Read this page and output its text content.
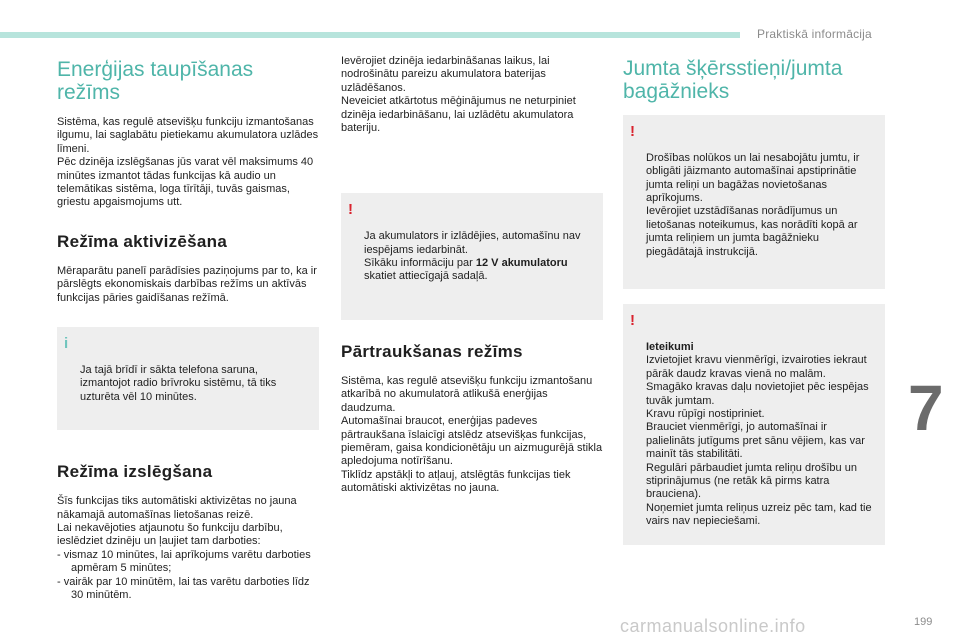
Praktiskā informācija
Enerģijas taupīšanas režīms

Sistēma, kas regulē atsevišķu funkciju izmantošanas ilgumu, lai saglabātu pietiekamu akumulatora uzlādes līmeni.
Pēc dzinēja izslēgšanas jūs varat vēl maksimums 40 minūtes izmantot tādas funkcijas kā audio un telemātikas sistēma, loga tīrītāji, tuvās gaismas, griestu apgaismojums utt.

Režīma aktivizēšana

Mēraparātu panelī parādīsies paziņojums par to, ka ir pārslēgts ekonomiskais darbības režīms un aktīvās funkcijas pāries gaidīšanas režīmā.

i

Ja tajā brīdī ir sākta telefona saruna, izmantojot radio brīvroku sistēmu, tā tiks uzturēta vēl 10 minūtes.

Režīma izslēgšana

Šīs funkcijas tiks automātiski aktivizētas no jauna nākamajā automašīnas lietošanas reizē.
Lai nekavējoties atjaunotu šo funkciju darbību, ieslēdziet dzinēju un ļaujiet tam darboties:

- vismaz 10 minūtes, lai aprīkojums varētu darboties apmēram 5 minūtes;

- vairāk par 10 minūtēm, lai tas varētu darboties līdz 30 minūtēm.

Ievērojiet dzinēja iedarbināšanas laikus, lai nodrošinātu pareizu akumulatora baterijas uzlādēšanos.
Neveiciet atkārtotus mēģinājumus ne neturpiniet dzinēja iedarbināšanu, lai uzlādētu akumulatora bateriju.

!

Ja akumulators ir izlādējies, automašīnu nav iespējams iedarbināt.
Sīkāku informāciju par 12 V akumulatoru
skatiet attiecīgajā sadaļā.

Pārtraukšanas režīms

Sistēma, kas regulē atsevišķu funkciju izmantošanu atkarībā no akumulatorā atlikušā enerģijas daudzuma.
Automašīnai braucot, enerģijas padeves pārtraukšana īslaicīgi atslēdz atsevišķas funkcijas, piemēram, gaisa kondicionētāju un aizmugurējā stikla apledojuma notīrīšanu.
Tiklīdz apstākļi to atļauj, atslēgtās funkcijas tiek automātiski aktivizētas no jauna.

Jumta šķērsstieņi/jumta bagāžnieks

!

Drošības nolūkos un lai nesabojātu jumtu, ir obligāti jāizmanto automašīnai apstiprinātie jumta reliņi un bagāžas novietošanas aprīkojums.
Ievērojiet uzstādīšanas norādījumus un lietošanas noteikumus, kas norādīti kopā ar jumta reliņiem un jumta bagāžnieku piegādātajā instrukcijā.

!

Ieteikumi
Izvietojiet kravu vienmērīgi, izvairoties iekraut pārāk daudz kravas vienā no malām.
Smagāko kravas daļu novietojiet pēc iespējas tuvāk jumtam.
Kravu rūpīgi nostipriniet.
Brauciet vienmērīgi, jo automašīnai ir palielināts jutīgums pret sānu vējiem, kas var mainīt tās stabilitāti.
Regulāri pārbaudiet jumta reliņu drošību un stiprinājumus (ne retāk kā pirms katra brauciena).
Noņemiet jumta reliņus uzreiz pēc tam, kad tie vairs nav nepieciešami.

7
carmanualsonline.info	199
